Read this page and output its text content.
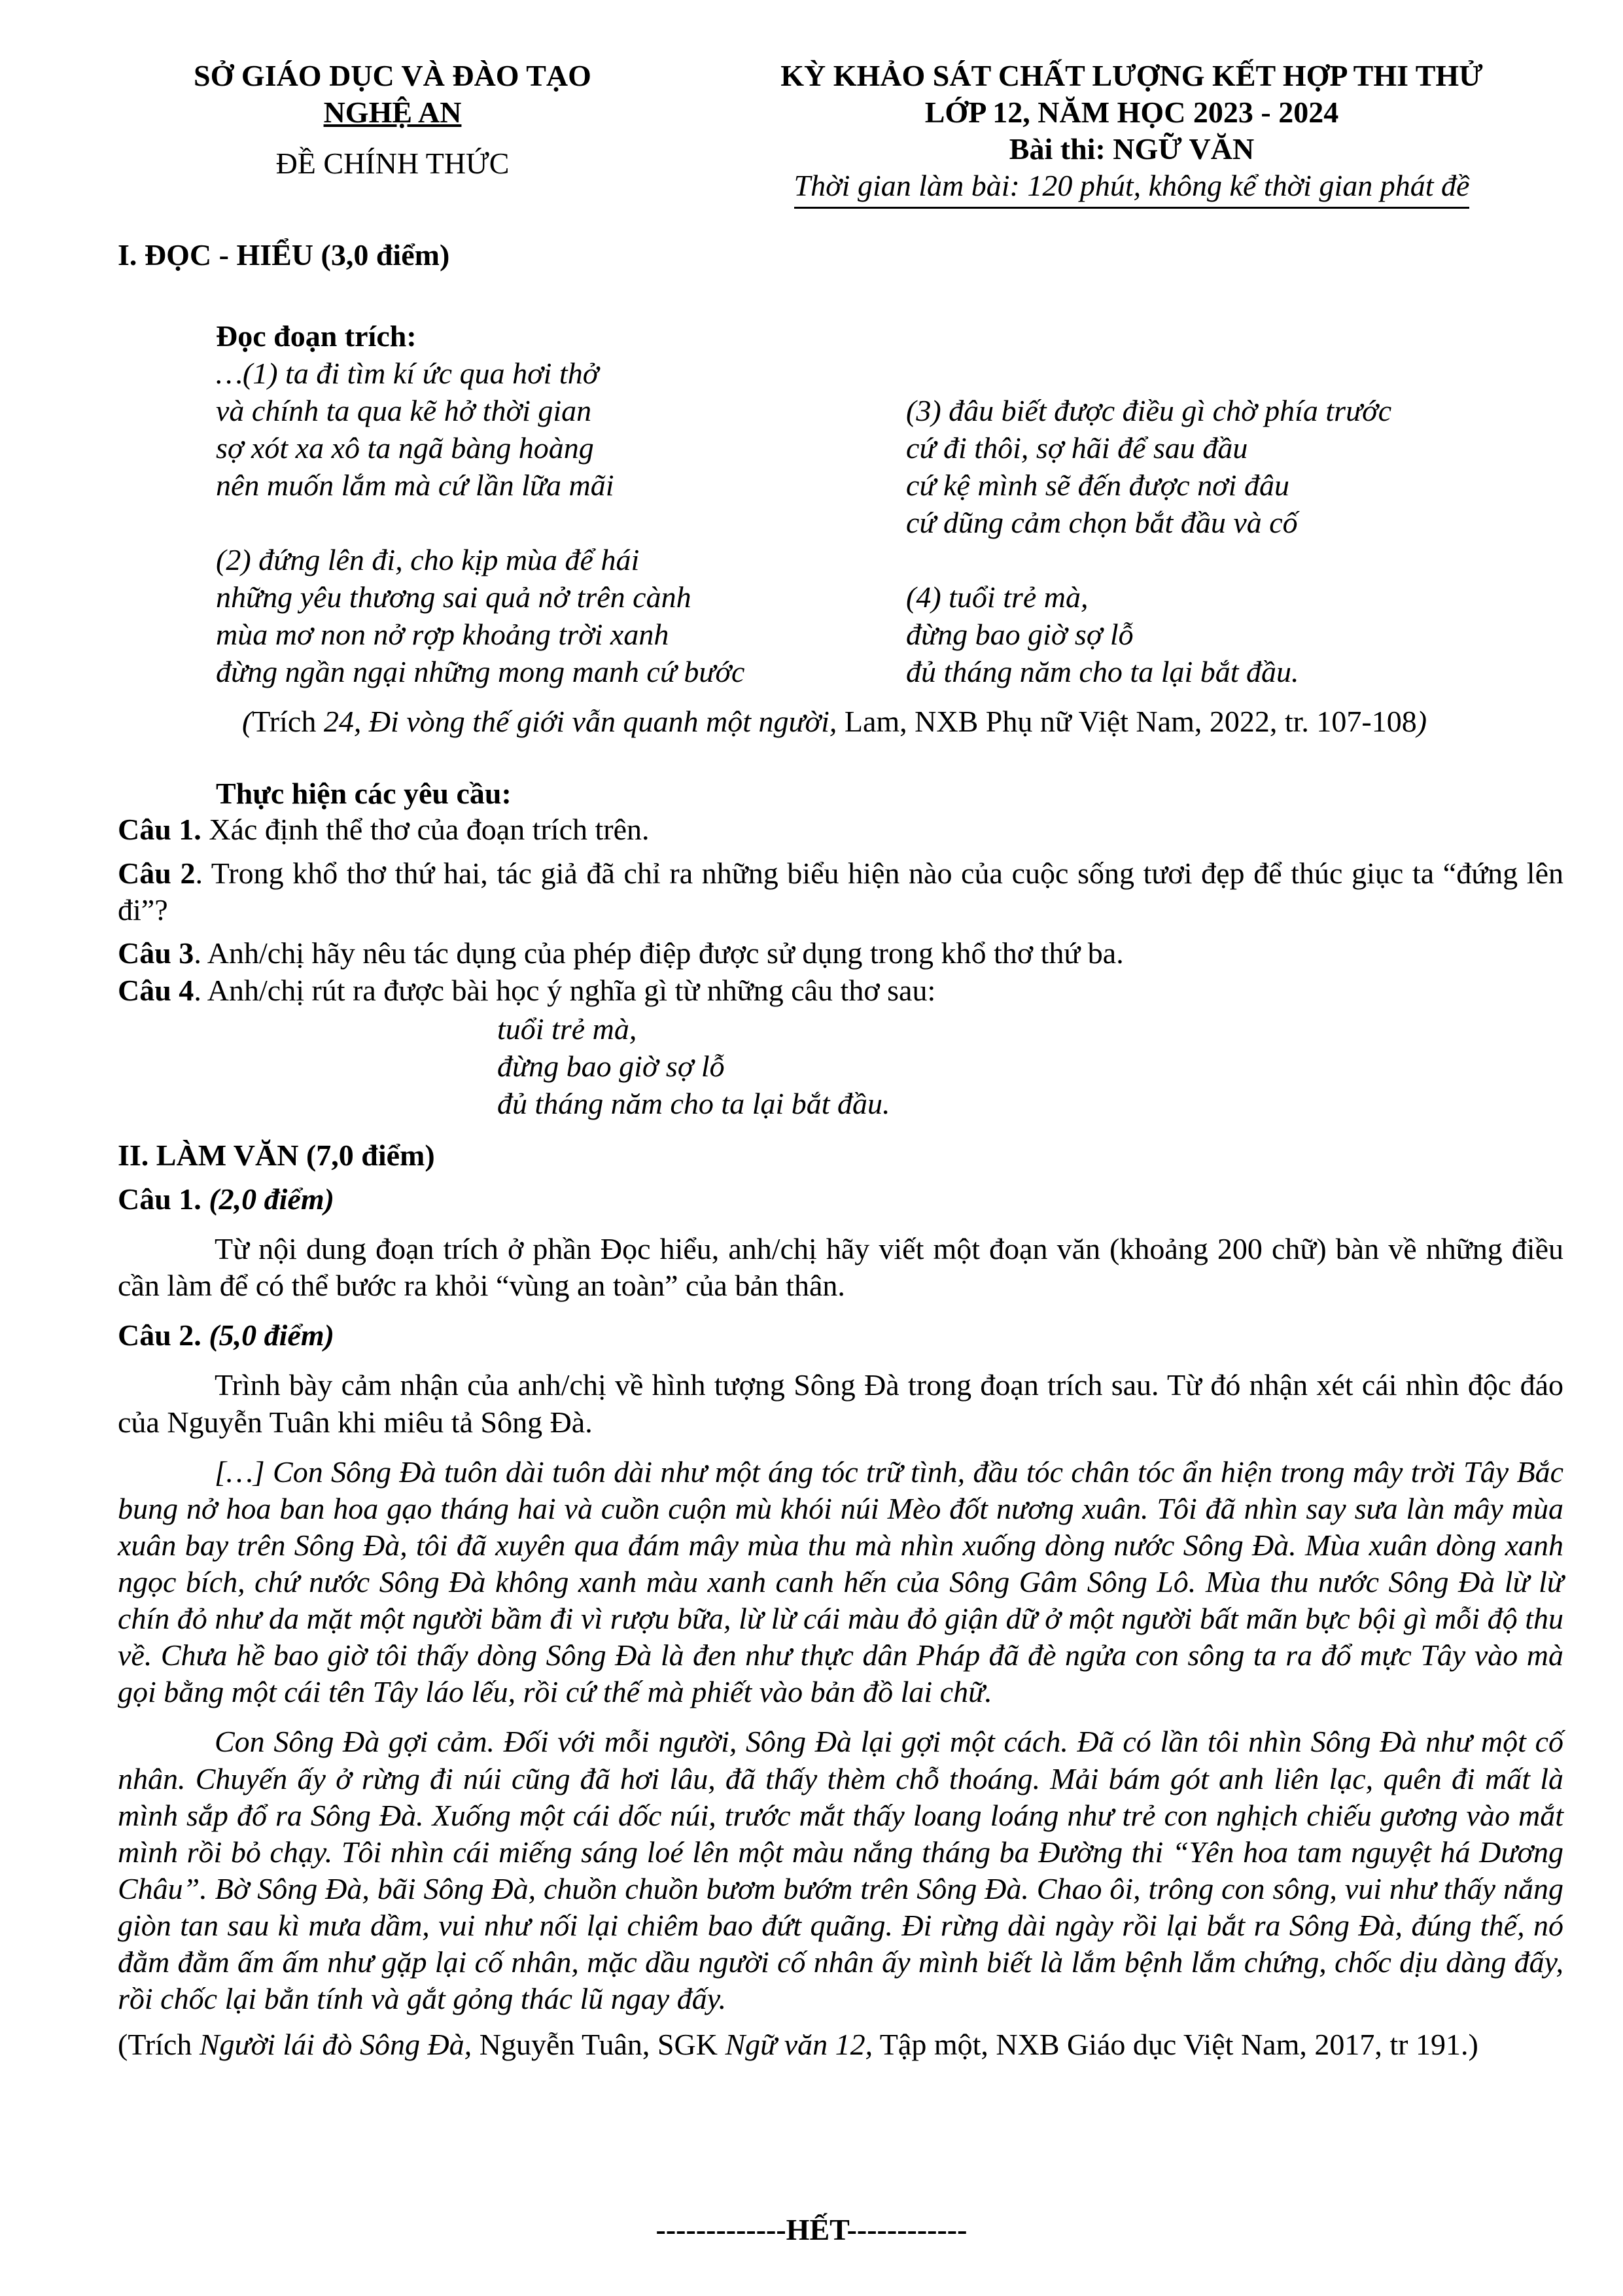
SỞ GIÁO DỤC VÀ ĐÀO TẠO
NGHỆ AN
ĐỀ CHÍNH THỨC
KỲ KHẢO SÁT CHẤT LƯỢNG KẾT HỢP THI THỬ
LỚP 12, NĂM HỌC 2023 - 2024
Bài thi: NGỮ VĂN
Thời gian làm bài: 120 phút, không kể thời gian phát đề
I. ĐỌC - HIỂU (3,0 điểm)
Đọc đoạn trích:
…(1) ta đi tìm kí ức qua hơi thở
và chính ta qua kẽ hở thời gian
sợ xót xa xô ta ngã bàng hoàng
nên muốn lắm mà cứ lần lữa mãi
(2) đứng lên đi, cho kịp mùa để hái
những yêu thương sai quả nở trên cành
mùa mơ non nở rợp khoảng trời xanh
đừng ngần ngại những mong manh cứ bước
(3) đâu biết được điều gì chờ phía trước
cứ đi thôi, sợ hãi để sau đầu
cứ kệ mình sẽ đến được nơi đâu
cứ dũng cảm chọn bắt đầu và cố
(4) tuổi trẻ mà,
đừng bao giờ sợ lỗ
đủ tháng năm cho ta lại bắt đầu.
(Trích 24, Đi vòng thế giới vẫn quanh một người, Lam, NXB Phụ nữ Việt Nam, 2022, tr. 107-108)
Thực hiện các yêu cầu:

Câu 1. Xác định thể thơ của đoạn trích trên.

Câu 2. Trong khổ thơ thứ hai, tác giả đã chỉ ra những biểu hiện nào của cuộc sống tươi đẹp để thúc giục ta “đứng lên đi”?

Câu 3. Anh/chị hãy nêu tác dụng của phép điệp được sử dụng trong khổ thơ thứ ba.

Câu 4. Anh/chị rút ra được bài học ý nghĩa gì từ những câu thơ sau:

tuổi trẻ mà,
đừng bao giờ sợ lỗ
đủ tháng năm cho ta lại bắt đầu.
II. LÀM VĂN (7,0 điểm)

Câu 1. (2,0 điểm)

Từ nội dung đoạn trích ở phần Đọc hiểu, anh/chị hãy viết một đoạn văn (khoảng 200 chữ) bàn về những điều cần làm để có thể bước ra khỏi “vùng an toàn” của bản thân.

Câu 2. (5,0 điểm)

Trình bày cảm nhận của anh/chị về hình tượng Sông Đà trong đoạn trích sau. Từ đó nhận xét cái nhìn độc đáo của Nguyễn Tuân khi miêu tả Sông Đà.

[…] Con Sông Đà tuôn dài tuôn dài như một áng tóc trữ tình, đầu tóc chân tóc ẩn hiện trong mây trời Tây Bắc bung nở hoa ban hoa gạo tháng hai và cuồn cuộn mù khói núi Mèo đốt nương xuân. Tôi đã nhìn say sưa làn mây mùa xuân bay trên Sông Đà, tôi đã xuyên qua đám mây mùa thu mà nhìn xuống dòng nước Sông Đà. Mùa xuân dòng xanh ngọc bích, chứ nước Sông Đà không xanh màu xanh canh hến của Sông Gâm Sông Lô. Mùa thu nước Sông Đà lừ lừ chín đỏ như da mặt một người bầm đi vì rượu bữa, lừ lừ cái màu đỏ giận dữ ở một người bất mãn bực bội gì mỗi độ thu về. Chưa hề bao giờ tôi thấy dòng Sông Đà là đen như thực dân Pháp đã đè ngửa con sông ta ra đổ mực Tây vào mà gọi bằng một cái tên Tây láo lếu, rồi cứ thế mà phiết vào bản đồ lai chữ.

Con Sông Đà gợi cảm. Đối với mỗi người, Sông Đà lại gợi một cách. Đã có lần tôi nhìn Sông Đà như một cố nhân. Chuyến ấy ở rừng đi núi cũng đã hơi lâu, đã thấy thèm chỗ thoáng. Mải bám gót anh liên lạc, quên đi mất là mình sắp đổ ra Sông Đà. Xuống một cái dốc núi, trước mắt thấy loang loáng như trẻ con nghịch chiếu gương vào mắt mình rồi bỏ chạy. Tôi nhìn cái miếng sáng loé lên một màu nắng tháng ba Đường thi “Yên hoa tam nguyệt há Dương Châu”. Bờ Sông Đà, bãi Sông Đà, chuồn chuồn bươm bướm trên Sông Đà. Chao ôi, trông con sông, vui như thấy nắng giòn tan sau kì mưa dầm, vui như nối lại chiêm bao đứt quãng. Đi rừng dài ngày rồi lại bắt ra Sông Đà, đúng thế, nó đằm đằm ấm ấm như gặp lại cố nhân, mặc dầu người cố nhân ấy mình biết là lắm bệnh lắm chứng, chốc dịu dàng đấy, rồi chốc lại bẳn tính và gắt gỏng thác lũ ngay đấy.

(Trích Người lái đò Sông Đà, Nguyễn Tuân, SGK Ngữ văn 12, Tập một, NXB Giáo dục Việt Nam, 2017, tr 191.)

-------------HẾT------------
